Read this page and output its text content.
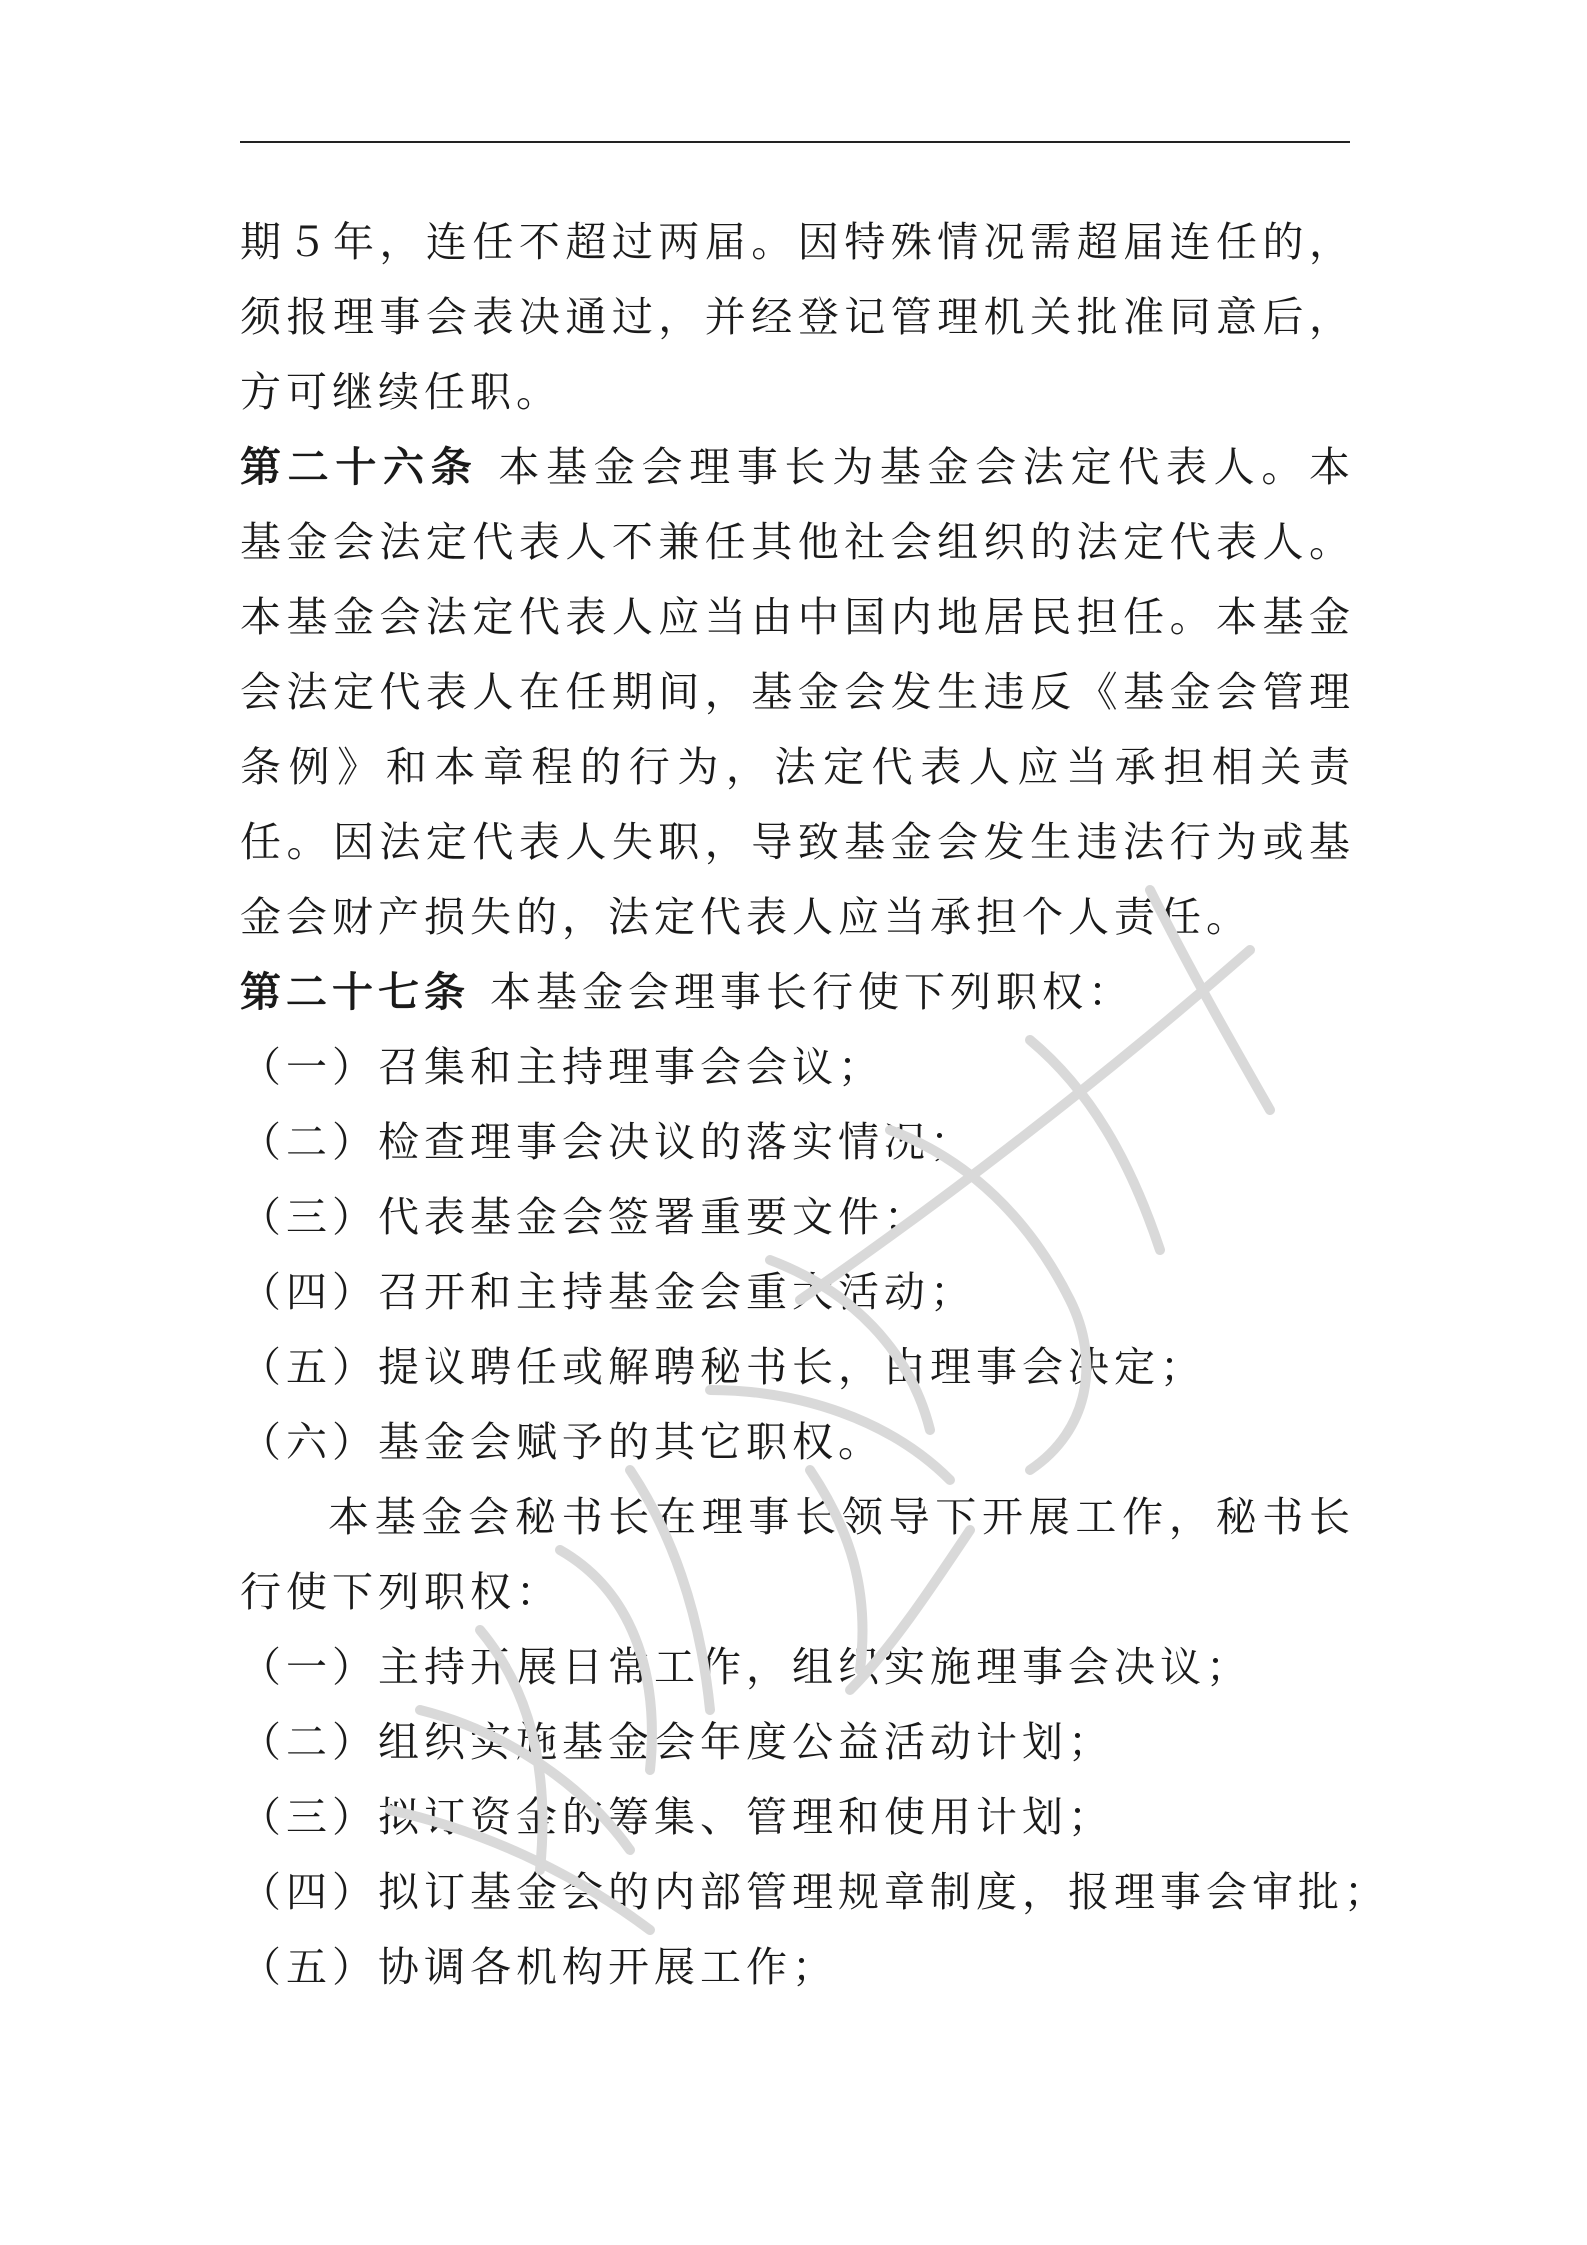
期５年，连任不超过两届。因特殊情况需超届连任的，须报理事会表决通过，并经登记管理机关批准同意后，方可继续任职。

第二十六条 本基金会理事长为基金会法定代表人。本基金会法定代表人不兼任其他社会组织的法定代表人。本基金会法定代表人应当由中国内地居民担任。本基金会法定代表人在任期间，基金会发生违反《基金会管理条例》和本章程的行为，法定代表人应当承担相关责任。因法定代表人失职，导致基金会发生违法行为或基金会财产损失的，法定代表人应当承担个人责任。

第二十七条 本基金会理事长行使下列职权：

（一）召集和主持理事会会议；

（二）检查理事会决议的落实情况；

（三）代表基金会签署重要文件；

（四）召开和主持基金会重大活动；

（五）提议聘任或解聘秘书长，由理事会决定；

（六）基金会赋予的其它职权。

本基金会秘书长在理事长领导下开展工作，秘书长行使下列职权：

（一）主持开展日常工作，组织实施理事会决议；

（二）组织实施基金会年度公益活动计划；

（三）拟订资金的筹集、管理和使用计划；

（四）拟订基金会的内部管理规章制度，报理事会审批；

（五）协调各机构开展工作；
